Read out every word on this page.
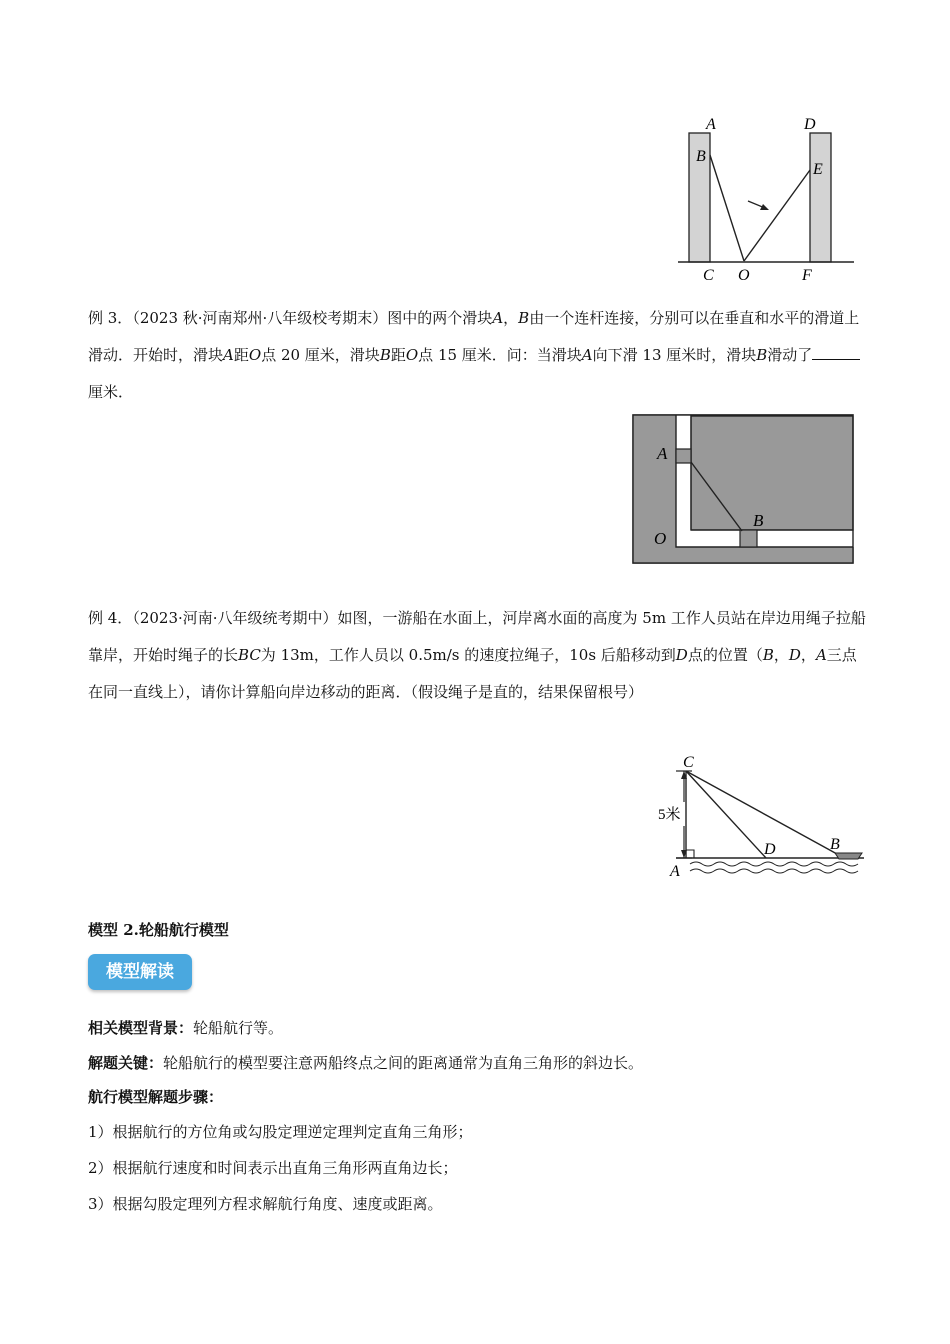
A
B
C O	F
D
E

例 3．（2023 秋·河南郑州·八年级校考期末）图中的两个滑块A，B由一个连杆连接，分别可以在垂直和水平的滑道上滑动．开始时，滑块A距O点 20 厘米，滑块B距O点 15 厘米．问：当滑块A向下滑 13 厘米时，滑块B滑动了厘米．

A
B
O

例 4．（2023·河南·八年级统考期中）如图，一游船在水面上，河岸离水面的高度为 5m 工作人员站在岸边用绳子拉船靠岸，开始时绳子的长BC为 13m，工作人员以 0.5m/s 的速度拉绳子，10s 后船移动到D点的位置（B，D，A三点在同一直线上），请你计算船向岸边移动的距离．（假设绳子是直的，结果保留根号）

5米
C
D	B
A
模型 2.轮船航行模型
模型解读
相关模型背景：轮船航行等。
解题关键：轮船航行的模型要注意两船终点之间的距离通常为直角三角形的斜边长。
航行模型解题步骤：
1）根据航行的方位角或勾股定理逆定理判定直角三角形；
2）根据航行速度和时间表示出直角三角形两直角边长；
3）根据勾股定理列方程求解航行角度、速度或距离。
